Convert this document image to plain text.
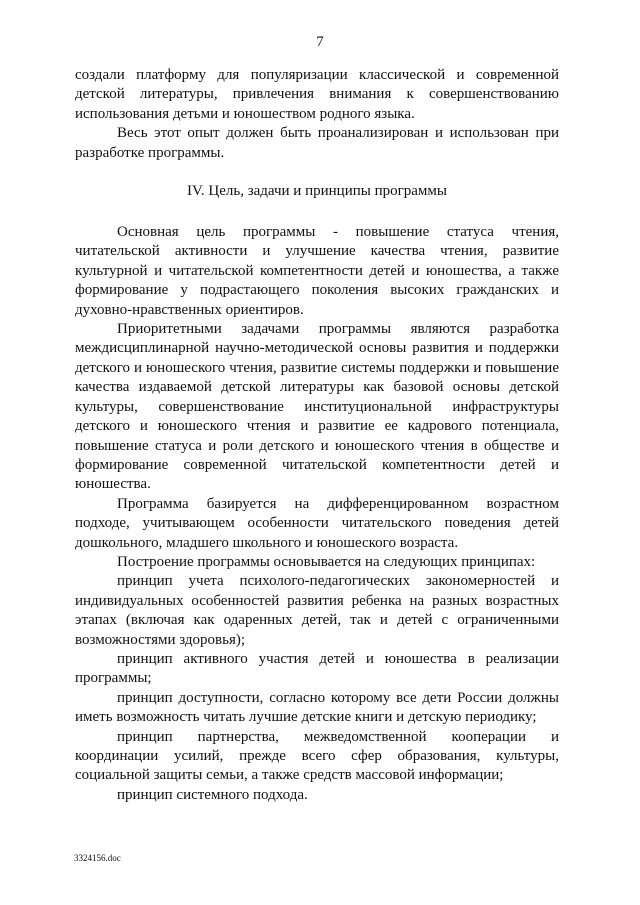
7

создали платформу для популяризации классической и современной детской литературы, привлечения внимания к совершенствованию использования детьми и юношеством родного языка.

Весь этот опыт должен быть проанализирован и использован при разработке программы.

IV. Цель, задачи и принципы программы

Основная цель программы - повышение статуса чтения, читательской активности и улучшение качества чтения, развитие культурной и читательской компетентности детей и юношества, а также формирование у подрастающего поколения высоких гражданских и духовно-нравственных ориентиров.

Приоритетными задачами программы являются разработка междисциплинарной научно-методической основы развития и поддержки детского и юношеского чтения, развитие системы поддержки и повышение качества издаваемой детской литературы как базовой основы детской культуры, совершенствование институциональной инфраструктуры детского и юношеского чтения и развитие ее кадрового потенциала, повышение статуса и роли детского и юношеского чтения в обществе и формирование современной читательской компетентности детей и юношества.

Программа базируется на дифференцированном возрастном подходе, учитывающем особенности читательского поведения детей дошкольного, младшего школьного и юношеского возраста.

Построение программы основывается на следующих принципах:

принцип учета психолого-педагогических закономерностей и индивидуальных особенностей развития ребенка на разных возрастных этапах (включая как одаренных детей, так и детей с ограниченными возможностями здоровья);

принцип активного участия детей и юношества в реализации программы;

принцип доступности, согласно которому все дети России должны иметь возможность читать лучшие детские книги и детскую периодику;

принцип партнерства, межведомственной кооперации и координации усилий, прежде всего сфер образования, культуры, социальной защиты семьи, а также средств массовой информации;

принцип системного подхода.

3324156.doc
